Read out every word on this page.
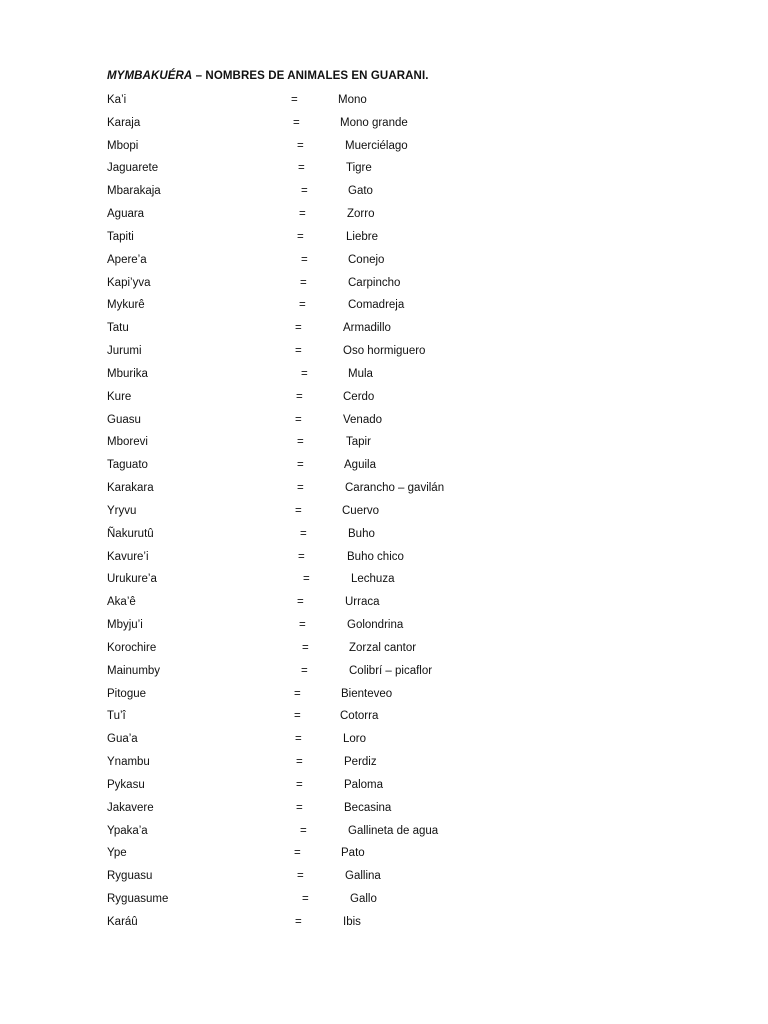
MYMBAKUÉRA – NOMBRES DE ANIMALES EN GUARANI.
Ka’i	=	Mono
Karaja	=	Mono grande
Mbopi	=	Muerciélago
Jaguarete	=	Tigre
Mbarakaja	=	Gato
Aguara	=	Zorro
Tapiti	=	Liebre
Apere’a	=	Conejo
Kapi’yva	=	Carpincho
Mykurê	=	Comadreja
Tatu	=	Armadillo
Jurumi	=	Oso hormiguero
Mburika	=	Mula
Kure	=	Cerdo
Guasu	=	Venado
Mborevi	=	Tapir
Taguato	=	Aguila
Karakara	=	Carancho – gavilán
Yryvu	=	Cuervo
Ñakurutû	=	Buho
Kavure’i	=	Buho chico
Urukure’a	=	Lechuza
Aka’ê	=	Urraca
Mbyju’i	=	Golondrina
Korochire	=	Zorzal cantor
Mainumby	=	Colibrí – picaflor
Pitogue	=	Bienteveo
Tu’î	=	Cotorra
Gua’a	=	Loro
Ynambu	=	Perdiz
Pykasu	=	Paloma
Jakavere	=	Becasina
Ypaka’a	=	Gallineta de agua
Ype	=	Pato
Ryguasu	=	Gallina
Ryguasume	=	Gallo
Karáû	=	Ibis
